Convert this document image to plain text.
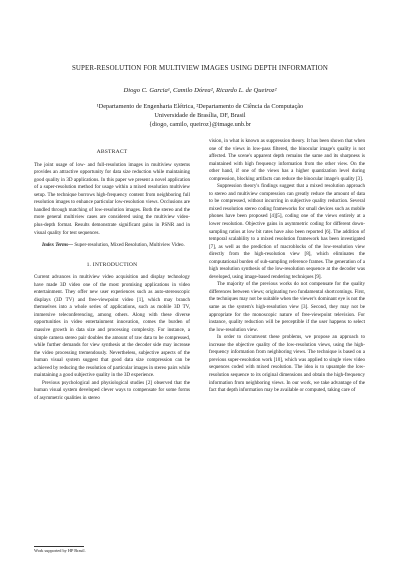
SUPER-RESOLUTION FOR MULTIVIEW IMAGES USING DEPTH INFORMATION
Diogo C. Garcia¹, Camilo Dórea², Ricardo L. de Queiroz²
¹Departamento de Engenharia Elétrica, ²Departamento de Ciência da Computação
Universidade de Brasília, DF, Brasil
{diogo, camilo, queiroz}@image.unb.br

ABSTRACT

The joint usage of low- and full-resolution images in multiview systems provides an attractive opportunity for data size reduction while maintaining good quality in 3D applications. In this paper we present a novel application of a super-resolution method for usage within a mixed resolution multiview setup. The technique borrows high-frequency content from neighboring full resolution images to enhance particular low-resolution views. Occlusions are handled through matching of low-resolution images. Both the stereo and the more general multiview cases are considered using the multiview video-plus-depth format. Results demonstrate significant gains in PSNR and in visual quality for test sequences.

Index Terms— Super-resolution, Mixed Resolution, Multiview Video.

1. INTRODUCTION

Current advances in multiview video acquisition and display technology have made 3D video one of the most promising applications in video entertainment. They offer new user experiences such as auto-stereoscopic displays (3D TV) and free-viewpoint video [1], which may branch themselves into a whole series of applications, such as mobile 3D TV, immersive teleconferencing, among others. Along with these diverse opportunities in video entertainment innovation, comes the burden of massive growth in data size and processing complexity. For instance, a simple camera stereo pair doubles the amount of raw data to be compressed, while further demands for view synthesis at the decoder side may increase the video processing tremendously. Nevertheless, subjective aspects of the human visual system suggest that good data size compression can be achieved by reducing the resolution of particular images in stereo pairs while maintaining a good subjective quality in the 3D experience.

Previous psychological and physiological studies [2] observed that the human visual system developed clever ways to compensate for some forms of asymmetric qualities in stereo

vision, in what is known as suppression theory. It has been shown that when one of the views in low-pass filtered, the binocular image's quality is not affected. The scene's apparent depth remains the same and its sharpness is maintained with high frequency information from the other view. On the other hand, if one of the views has a higher quantization level during compression, blocking artifacts can reduce the binocular image's quality [3].

Suppression theory's findings suggest that a mixed resolution approach to stereo and multiview compression can greatly reduce the amount of data to be compressed, without incurring in subjective quality reduction. Several mixed resolution stereo coding frameworks for small devices such as mobile phones have been proposed [4][5], coding one of the views entirely at a lower resolution. Objective gains in asymmetric coding for different down-sampling ratios at low bit rates have also been reported [6]. The addition of temporal scalability to a mixed resolution framework has been investigated [7], as well as the prediction of macroblocks of the low-resolution view directly from the high-resolution view [8], which eliminates the computational burden of sub-sampling reference frames. The generation of a high resolution synthesis of the low-resolution sequence at the decoder was developed, using image-based rendering techniques [9].

The majority of the previous works do not compensate for the quality differences between views; originating two fundamental shortcomings. First, the techniques may not be suitable when the viewer's dominant eye is not the same as the system's high-resolution view [3]. Second, they may not be appropriate for the monoscopic nature of free-viewpoint television. For instance, quality reduction will be perceptible if the user happens to select the low-resolution view.

In order to circumvent these problems, we propose an approach to increase the objective quality of the low-resolution views, using the high-frequency information from neighboring views. The technique is based on a previous super-resolution work [10], which was applied to single view video sequences coded with mixed resolution. The idea is to upsample the low-resolution sequence to its original dimensions and obtain the high-frequency information from neighboring views. In our work, we take advantage of the fact that depth information may be available or computed, taking care of

Work supported by HP Brasil.
